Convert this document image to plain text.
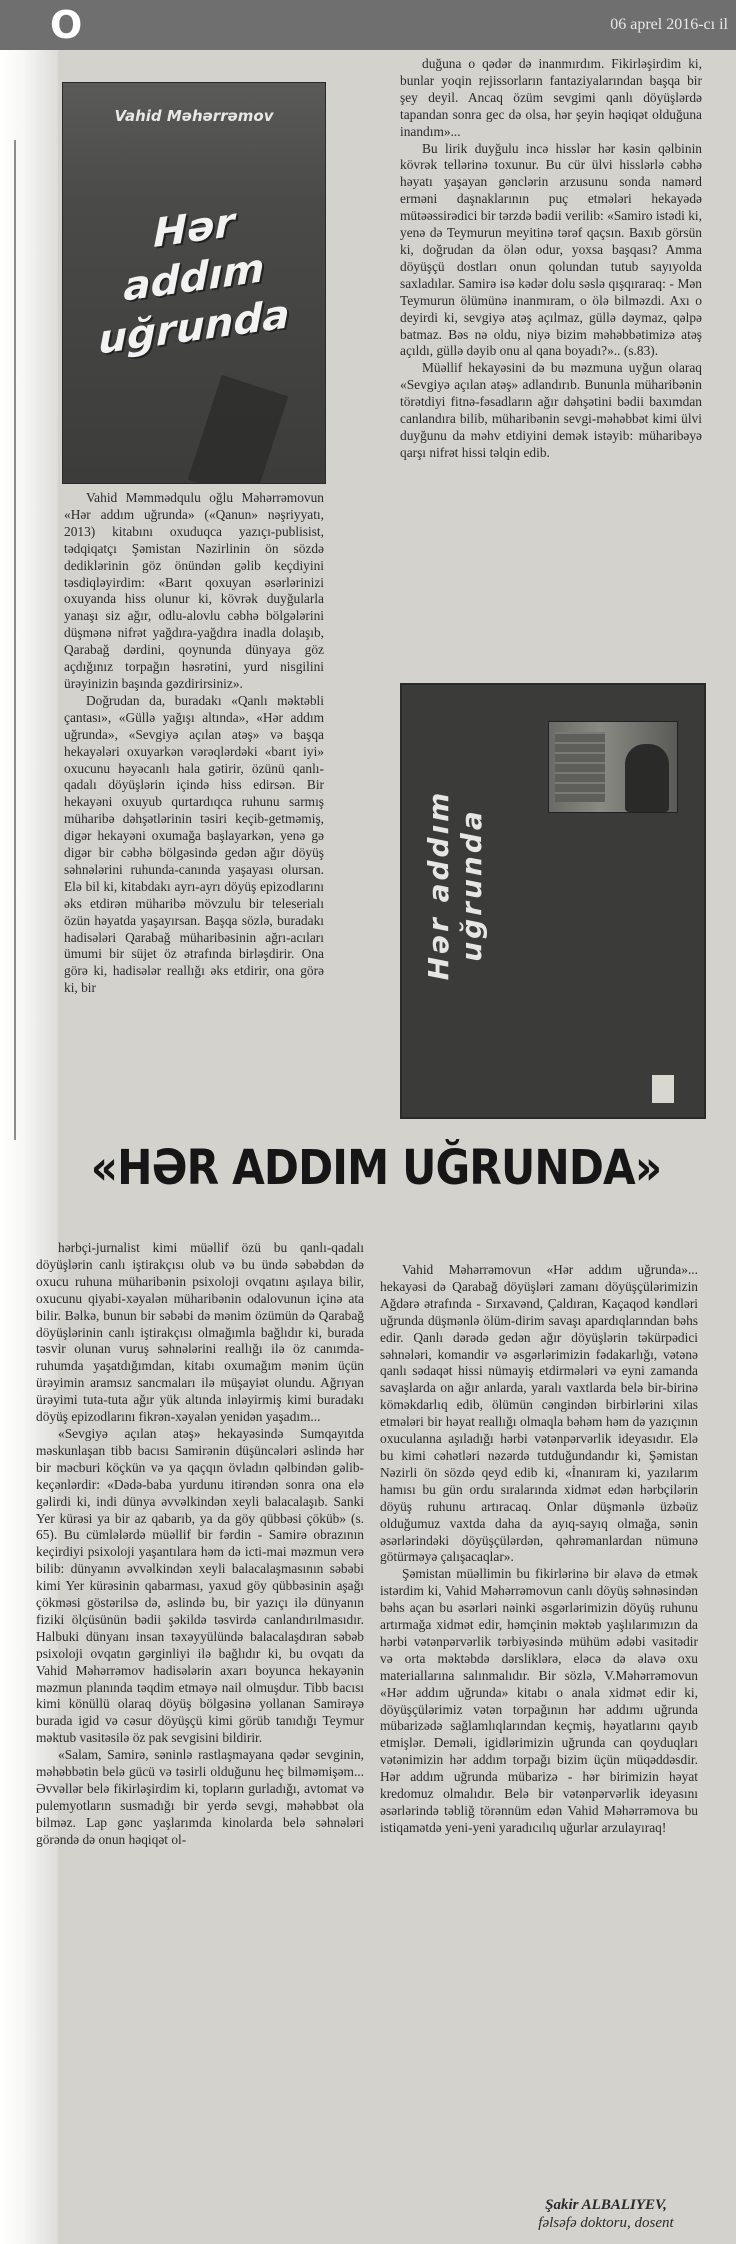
O	06 aprel 2016-cı il
Vahid Məhərrəmov
Hər
addım
uğrunda

Vahid Məmmədqulu oğlu Məhərrəmovun «Hər addım uğrunda» («Qanun» nəşriyyatı, 2013) kitabını oxuduqca yazıçı-publisist, tədqiqatçı Şəmistan Nəzirlinin ön sözdə dediklərinin göz önündən gəlib keçdiyini təsdiqləyirdim: «Barıt qoxuyan əsərlərinizi oxuyanda hiss olunur ki, kövrək duyğularla yanaşı siz ağır, odlu-alovlu cəbhə bölgələrini düşmənə nifrət yağdıra-yağdıra inadla dolaşıb, Qarabağ dərdini, qoynunda dünyaya göz açdığınız torpağın həsrətini, yurd nisgilini ürəyinizin başında gəzdirirsiniz».

Doğrudan da, buradakı «Qanlı məktəbli çantası», «Güllə yağışı altında», «Hər addım uğrunda», «Sevgiyə açılan atəş» və başqa hekayələri oxuyarkən vərəqlərdəki «barıt iyi» oxucunu həyəcanlı hala gətirir, özünü qanlı-qadalı döyüşlərin içində hiss edirsən. Bir hekayəni oxuyub qurtardıqca ruhunu sarmış müharibə dəhşətlərinin təsiri keçib-getməmiş, digər hekayəni oxumağa başlayarkən, yenə gə digər bir cəbhə bölgəsində gedən ağır döyüş səhnələrini ruhunda-canında yaşayası olursan. Elə bil ki, kitabdakı ayrı-ayrı döyüş epizodlarını əks etdirən müharibə mövzulu bir teleserialı özün həyatda yaşayırsan. Başqa sözlə, buradakı hadisələri Qarabağ müharibəsinin ağrı-acıları ümumi bir süjet öz ətrafında birləşdirir. Ona görə ki, hadisələr reallığı əks etdirir, ona görə ki, bir

duğuna o qədər də inanmırdım. Fikirləşirdim ki, bunlar yoqin rejissorların fantaziyalarından başqa bir şey deyil. Ancaq özüm sevgimi qanlı döyüşlərdə tapandan sonra gec də olsa, hər şeyin həqiqət olduğuna inandım»...

Bu lirik duyğulu incə hisslər hər kəsin qəlbinin kövrək tellərinə toxunur. Bu cür ülvi hisslərlə cəbhə həyatı yaşayan gənclərin arzusunu sonda namərd erməni daşnaklarının puç etmələri hekayədə mütəəssirədici bir tərzdə bədii verilib: «Samiro istədi ki, yenə də Teymurun meyitinə tərəf qaçsın. Baxıb görsün ki, doğrudan da ölən odur, yoxsa başqası? Amma döyüşçü dostları onun qolundan tutub sayıyolda saxladılar. Samirə isə kədər dolu səslə qışqıraraq: - Mən Teymurun ölümünə inanmıram, o ölə bilməzdi. Axı o deyirdi ki, sevgiyə atəş açılmaz, güllə dəymaz, qəlpə batmaz. Bəs nə oldu, niyə bizim məhəbbətimizə atəş açıldı, güllə dəyib onu al qana boyadı?».. (s.83).

Müəllif hekayəsini də bu məzmuna uyğun olaraq «Sevgiyə açılan atəş» adlandırıb. Bununla müharibənin törətdiyi fitnə-fəsadların ağır dəhşətini bədii baxımdan canlandıra bilib, müharibənin sevgi-məhəbbət kimi ülvi duyğunu da məhv etdiyini demək istəyib: müharibəyə qarşı nifrət hissi təlqin edib.

Hər addım uğrunda
«HƏR ADDIM UĞRUNDA»

hərbçi-jurnalist kimi müəllif özü bu qanlı-qadalı döyüşlərin canlı iştirakçısı olub və bu ündə səbəbdən də oxucu ruhuna müharibənin psixoloji ovqatını aşılaya bilir, oxucunu qiyabi-xəyalən müharibənin odalovunun içinə ata bilir. Bəlkə, bunun bir səbəbi də mənim özümün də Qarabağ döyüşlərinin canlı iştirakçısı olmağımla bağlıdır ki, burada təsvir olunan vuruş səhnələrini reallığı ilə öz canımda-ruhumda yaşatdığımdan, kitabı oxumağım mənim üçün ürəyimin aramsız sancmaları ilə müşayiət olundu. Ağrıyan ürəyimi tuta-tuta ağır yük altında inləyirmiş kimi buradakı döyüş epizodlarını fikrən-xəyalən yenidən yaşadım...

«Sevgiyə açılan atəş» hekayəsində Sumqayıtda məskunlaşan tibb bacısı Samirənin düşüncələri əslində hər bir məcburi köçkün və ya qaçqın övladın qəlbindən gəlib-keçənlərdir: «Dədə-baba yurdunu itirəndən sonra ona elə gəlirdi ki, indi dünya əvvəlkindən xeyli balacalaşıb. Sanki Yer kürəsi ya bir az qabarıb, ya da göy qübbəsi çöküb» (s. 65). Bu cümlələrdə müəllif bir fərdin - Samirə obrazının keçirdiyi psixoloji yaşantılara həm də icti-mai məzmun verə bilib: dünyanın əvvəlkindən xeyli balacalaşmasının səbəbi kimi Yer kürəsinin qabarması, yaxud göy qübbəsinin aşağı çökməsi göstərilsə də, əslində bu, bir yazıçı ilə dünyanın fiziki ölçüsünün bədii şəkildə təsvirdə canlandırılmasıdır. Halbuki dünyanı insan təxəyyülündə balacalaşdıran səbəb psixoloji ovqatın gərginliyi ilə bağlıdır ki, bu ovqatı da Vahid Məhərrəmov hadisələrin axarı boyunca hekayənin məzmun planında təqdim etməyə nail olmuşdur. Tibb bacısı kimi könüllü olaraq döyüş bölgəsinə yollanan Samirəyə burada igid və cəsur döyüşçü kimi görüb tanıdığı Teymur məktub vasitəsilə öz pak sevgisini bildirir.

«Salam, Samirə, səninlə rastlaşmayana qədər sevginin, məhəbbətin belə gücü və təsirli olduğunu heç bilməmişəm... Əvvəllər belə fikirləşirdim ki, topların gurladığı, avtomat və pulemyotların susmadığı bir yerdə sevgi, məhəbbət ola bilməz. Lap gənc yaşlarımda kinolarda belə səhnələri görəndə də onun həqiqət ol-

Vahid Məhərrəmovun «Hər addım uğrunda»... hekayəsi də Qarabağ döyüşləri zamanı döyüşçülərimizin Ağdərə ətrafında - Sırxavənd, Çaldıran, Kaçaqod kəndləri uğrunda düşmənlə ölüm-dirim savaşı apardıqlarından bəhs edir. Qanlı dərədə gedən ağır döyüşlərin təkürpədici səhnələri, komandir və əsgərlərimizin fədakarlığı, vətənə qanlı sədaqət hissi nümayiş etdirmələri və eyni zamanda savaşlarda on ağır anlarda, yaralı vaxtlarda belə bir-birinə köməkdarlıq edib, ölümün cəngindən birbirlərini xilas etmələri bir həyat reallığı olmaqla bəhəm həm də yazıçının oxuculanna aşıladığı hərbi vətənpərvərlik ideyasıdır. Elə bu kimi cəhətləri nəzərdə tutduğundandır ki, Şəmistan Nəzirli ön sözdə qeyd edib ki, «İnanıram ki, yazılarım hamısı bu gün ordu sıralarında xidmət edən hərbçilərin döyüş ruhunu artıracaq. Onlar düşmənlə üzbəüz olduğumuz vaxtda daha da ayıq-sayıq olmağa, sənin əsərlərindəki döyüşçülərdən, qəhrəmanlardan nümunə götürməyə çalışacaqlar».

Şəmistan müəllimin bu fikirlərinə bir əlavə də etmək istərdim ki, Vahid Məhərrəmovun canlı döyüş səhnəsindən bəhs açan bu əsərləri nəinki əsgərlərimizin döyüş ruhunu artırmağa xidmət edir, həmçinin məktəb yaşlılarımızın da hərbi vətənpərvərlik tərbiyəsində mühüm ədəbi vasitədir və orta məktəbdə dərsliklərə, eləcə də əlavə oxu materiallarına salınmalıdır. Bir sözlə, V.Məhərrəmovun «Hər addım uğrunda» kitabı o anala xidmət edir ki, döyüşçülərimiz vətən torpağının hər addımı uğrunda mübarizədə sağlamlıqlarından keçmiş, həyatlarını qayıb etmişlər. Deməli, igidlərimizin uğrunda can qoyduqları vətənimizin hər addım torpağı bizim üçün müqəddəsdir. Hər addım uğrunda mübarizə - hər birimizin həyat kredomuz olmalıdır. Belə bir vətənpərvərlik ideyasını əsərlərində təbliğ törənnüm edən Vahid Məhərrəmova bu istiqamətdə yeni-yeni yaradıcılıq uğurlar arzulayıraq!

Şakir ALBALIYEV,
fəlsəfə doktoru, dosent
